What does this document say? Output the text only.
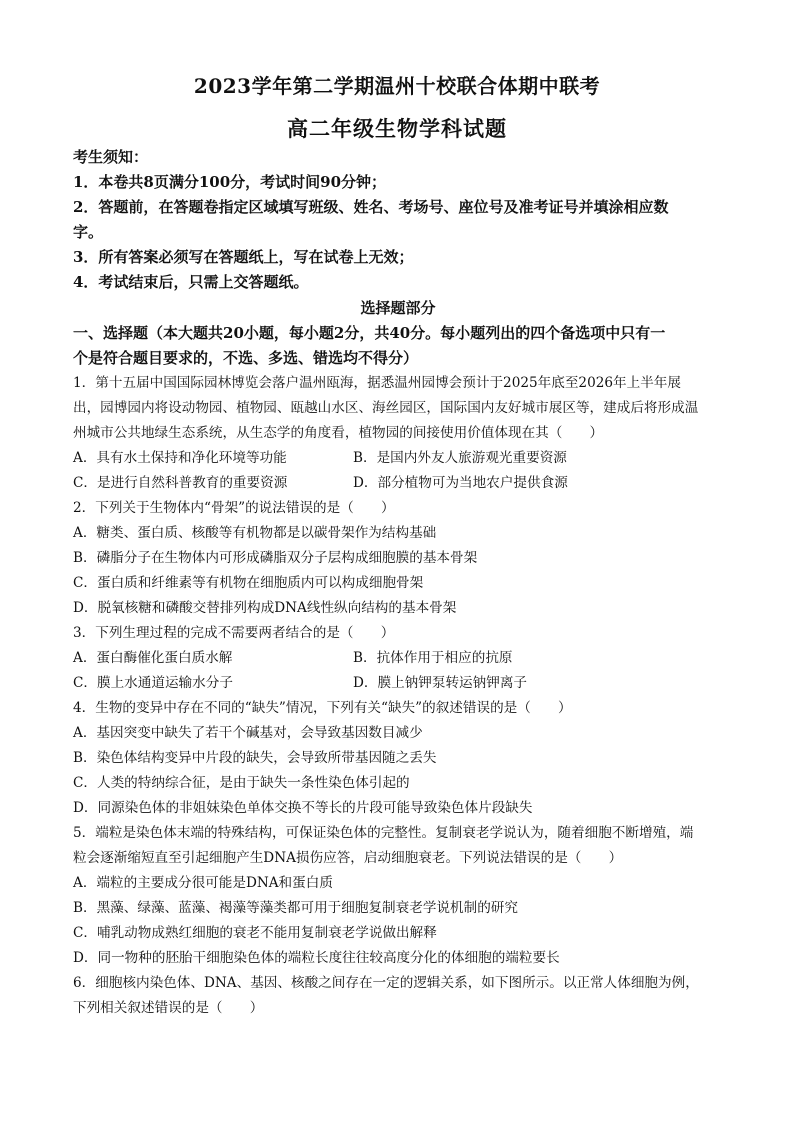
2023学年第二学期温州十校联合体期中联考
高二年级生物学科试题
考生须知：
1．本卷共8页满分100分，考试时间90分钟；
2．答题前，在答题卷指定区域填写班级、姓名、考场号、座位号及准考证号并填涂相应数
字。
3．所有答案必须写在答题纸上，写在试卷上无效；
4．考试结束后，只需上交答题纸。
选择题部分
一、选择题（本大题共20小题，每小题2分，共40分。每小题列出的四个备选项中只有一
个是符合题目要求的，不选、多选、错选均不得分）
1．第十五届中国国际园林博览会落户温州瓯海，据悉温州园博会预计于2025年底至2026年上半年展
出，园博园内将设动物园、植物园、瓯越山水区、海丝园区，国际国内友好城市展区等，建成后将形成温
州城市公共地绿生态系统，从生态学的角度看，植物园的间接使用价值体现在其（　　）
A．具有水土保持和净化环境等功能	B．是国内外友人旅游观光重要资源
C．是进行自然科普教育的重要资源	D．部分植物可为当地农户提供食源
2．下列关于生物体内“骨架”的说法错误的是（　　）
A．糖类、蛋白质、核酸等有机物都是以碳骨架作为结构基础
B．磷脂分子在生物体内可形成磷脂双分子层构成细胞膜的基本骨架
C．蛋白质和纤维素等有机物在细胞质内可以构成细胞骨架
D．脱氧核糖和磷酸交替排列构成DNA线性纵向结构的基本骨架
3．下列生理过程的完成不需要两者结合的是（　　）
A．蛋白酶催化蛋白质水解	B．抗体作用于相应的抗原
C．膜上水通道运输水分子	D．膜上钠钾泵转运钠钾离子
4．生物的变异中存在不同的“缺失”情况，下列有关“缺失”的叙述错误的是（　　）
A．基因突变中缺失了若干个碱基对，会导致基因数目减少
B．染色体结构变异中片段的缺失，会导致所带基因随之丢失
C．人类的特纳综合征，是由于缺失一条性染色体引起的
D．同源染色体的非姐妹染色单体交换不等长的片段可能导致染色体片段缺失
5．端粒是染色体末端的特殊结构，可保证染色体的完整性。复制衰老学说认为，随着细胞不断增殖，端
粒会逐渐缩短直至引起细胞产生DNA损伤应答，启动细胞衰老。下列说法错误的是（　　）
A．端粒的主要成分很可能是DNA和蛋白质
B．黑藻、绿藻、蓝藻、褐藻等藻类都可用于细胞复制衰老学说机制的研究
C．哺乳动物成熟红细胞的衰老不能用复制衰老学说做出解释
D．同一物种的胚胎干细胞染色体的端粒长度往往较高度分化的体细胞的端粒要长
6．细胞核内染色体、DNA、基因、核酸之间存在一定的逻辑关系，如下图所示。以正常人体细胞为例，
下列相关叙述错误的是（　　）
